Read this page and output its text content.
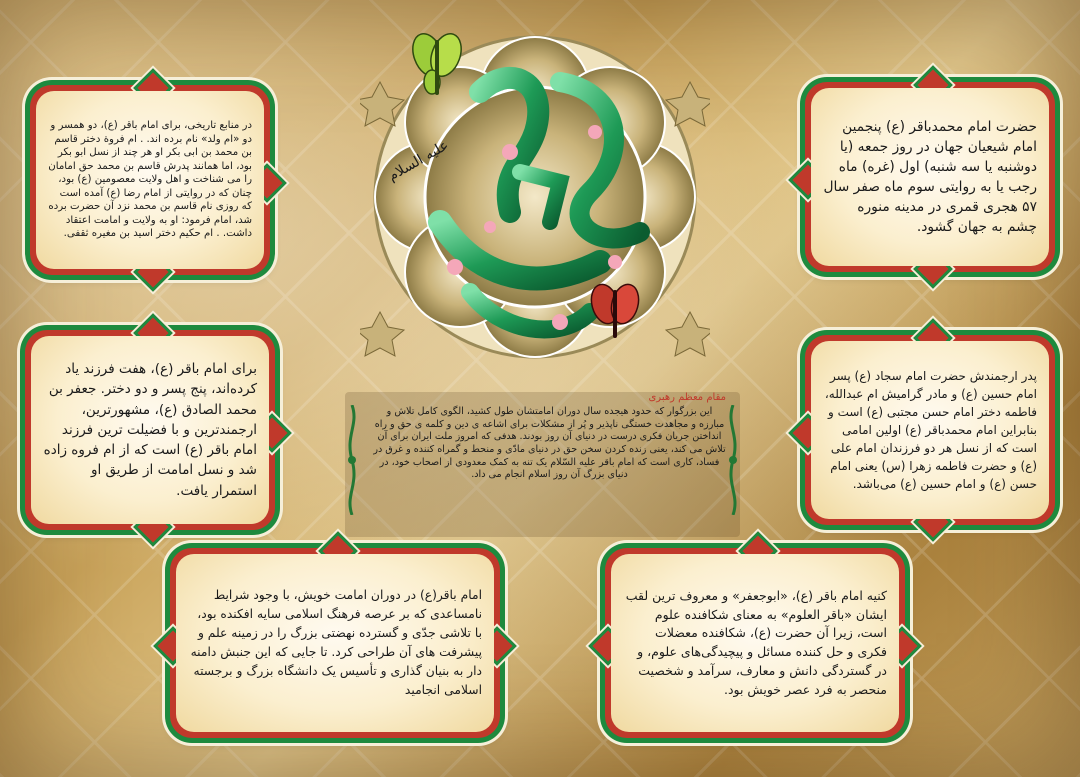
علیه السلام
در منابع تاریخی، برای امام باقر (ع)، دو همسر و دو «ام ولد» نام برده اند. . ام فروة دختر قاسم بن محمد بن ابی بکر او هر چند از نسل ابو بکر بود، اما همانند پدرش قاسم بن محمد حق امامان را می شناخت و اهل ولایت معصومین (ع) بود، چنان که در روایتی از امام رضا (ع) آمده است که روزی نام قاسم بن محمد نزد آن حضرت برده شد، امام فرمود: او به ولایت و امامت اعتقاد داشت. . ام حکیم دختر اسید بن مغیره ثقفی.
حضرت امام محمدباقر (ع) پنجمین امام شیعیان جهان در روز جمعه (یا دوشنبه یا سه شنبه) اول (غره) ماه رجب یا به روایتی سوم ماه صفر سال ۵۷ هجری قمری در مدینه منوره چشم به جهان گشود.
برای امام باقر (ع)، هفت فرزند یاد کرده‌اند، پنج پسر و دو دختر. جعفر بن محمد الصادق (ع)، مشهورترین، ارجمندترین و با فضیلت ترین فرزند امام باقر (ع) است که از ام فروه زاده شد و نسل امامت از طریق او استمرار یافت.
پدر ارجمندش حضرت امام سجاد (ع) پسر امام حسین (ع) و مادر گرامیش ام عبدالله، فاطمه دختر امام حسن مجتبی (ع) است و بنابراین امام محمدباقر (ع) اولین امامی است که از نسل هر دو فرزندان امام علی (ع) و حضرت فاطمه زهرا (س) یعنی امام حسن (ع) و امام حسین (ع) می‌باشد.
امام باقر(ع) در دوران امامت خویش، با وجود شرایط نامساعدی که بر عرصه فرهنگ اسلامی سایه افکنده بود، با تلاشی جدّی و گسترده نهضتی بزرگ را در زمینه علم و پیشرفت های آن طراحی کرد. تا جایی که این جنبش دامنه دار به بنیان گذاری و تأسیس یک دانشگاه بزرگ و برجسته اسلامی انجامید
کنیه امام باقر (ع)، «ابوجعفر» و معروف ترین لقب ایشان «باقر العلوم» به معنای شکافنده علوم است، زیرا آن حضرت (ع)، شکافنده معضلات فکری و حل کننده مسائل و پیچیدگی‌های علوم، و در گستردگی دانش و معارف، سرآمد و شخصیت منحصر به فرد عصر خویش بود.
مقام معظم رهبری
این بزرگوار که حدود هیجده سال دوران امامتشان طول کشید، الگوی کامل تلاش و مبارزه و مجاهدت خستگی ناپذیر و پُر از مشکلات برای اشاعه ی دین و کلمه ی حق و راه انداختن جریان فکری درست در دنیای آن روز بودند. هدفی که امروز ملت ایران برای آن تلاش می کند، یعنی زنده کردن سخن حق در دنیای مادّی و منحط و گمراه کننده و غرق در فساد، کاری است که امام باقر علیه السّلام یک تنه به کمک معدودی از اصحاب خود، در دنیای بزرگ آن روز اسلام انجام می داد.
